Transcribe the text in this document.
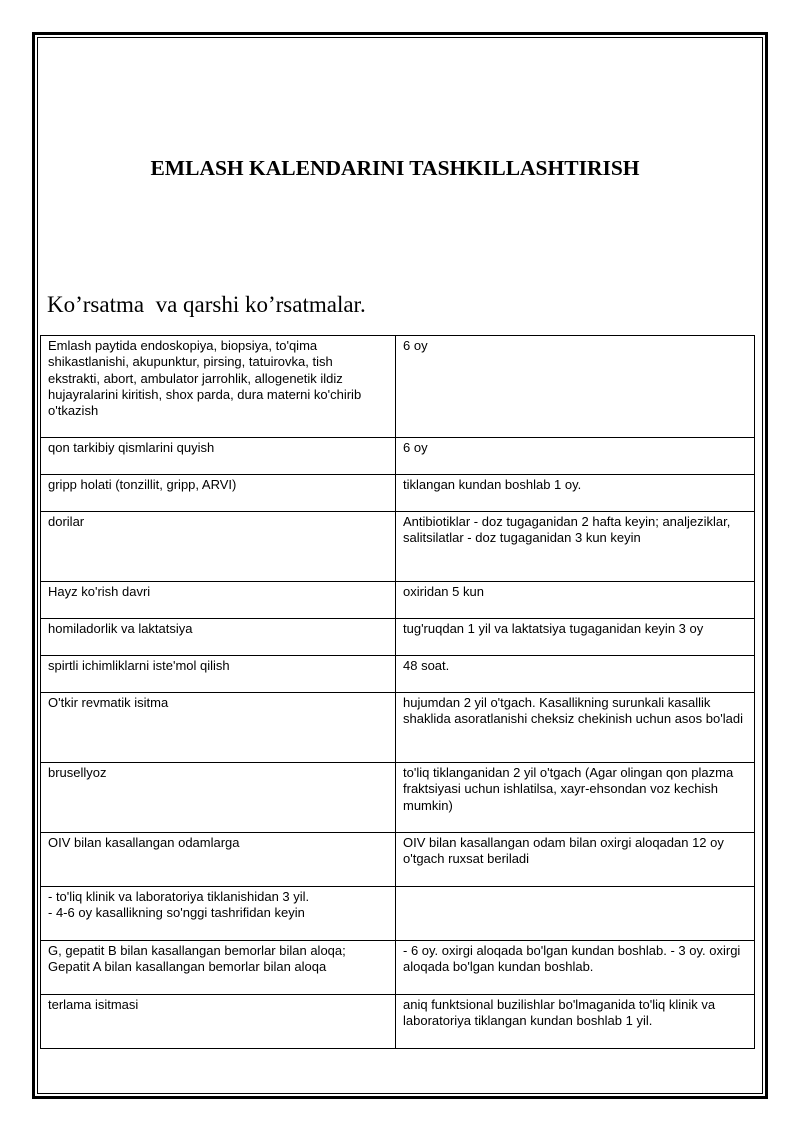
EMLASH KALENDARINI TASHKILLASHTIRISH
Ko’rsatma  va qarshi ko’rsatmalar.
Emlash paytida endoskopiya, biopsiya, to'qima shikastlanishi, akupunktur, pirsing, tatuirovka, tish ekstrakti, abort, ambulator jarrohlik, allogenetik ildiz hujayralarini kiritish, shox parda, dura materni ko'chirib o'tkazish	6 oy

qon tarkibiy qismlarini quyish	6 oy

gripp holati (tonzillit, gripp, ARVI)	tiklangan kundan boshlab 1 oy.

dorilar	Antibiotiklar - doz tugaganidan 2 hafta keyin; analjeziklar, salitsilatlar - doz tugaganidan 3 kun keyin

Hayz ko'rish davri	oxiridan 5 kun

homiladorlik va laktatsiya	tug'ruqdan 1 yil va laktatsiya tugaganidan keyin 3 oy

spirtli ichimliklarni iste'mol qilish	48 soat.

O'tkir revmatik isitma	hujumdan 2 yil o'tgach. Kasallikning surunkali kasallik shaklida asoratlanishi cheksiz chekinish uchun asos bo'ladi

brusellyoz	to'liq tiklanganidan 2 yil o'tgach (Agar olingan qon plazma fraktsiyasi uchun ishlatilsa, xayr-ehsondan voz kechish mumkin)

OIV bilan kasallangan odamlarga	OIV bilan kasallangan odam bilan oxirgi aloqadan 12 oy o'tgach ruxsat beriladi

- to'liq klinik va laboratoriya tiklanishidan 3 yil.
- 4-6 oy kasallikning so'nggi tashrifidan keyin	

G, gepatit B bilan kasallangan bemorlar bilan aloqa; Gepatit A bilan kasallangan bemorlar bilan aloqa	- 6 oy. oxirgi aloqada bo'lgan kundan boshlab. - 3 oy. oxirgi aloqada bo'lgan kundan boshlab.

terlama isitmasi	aniq funktsional buzilishlar bo'lmaganida to'liq klinik va laboratoriya tiklangan kundan boshlab 1 yil.
